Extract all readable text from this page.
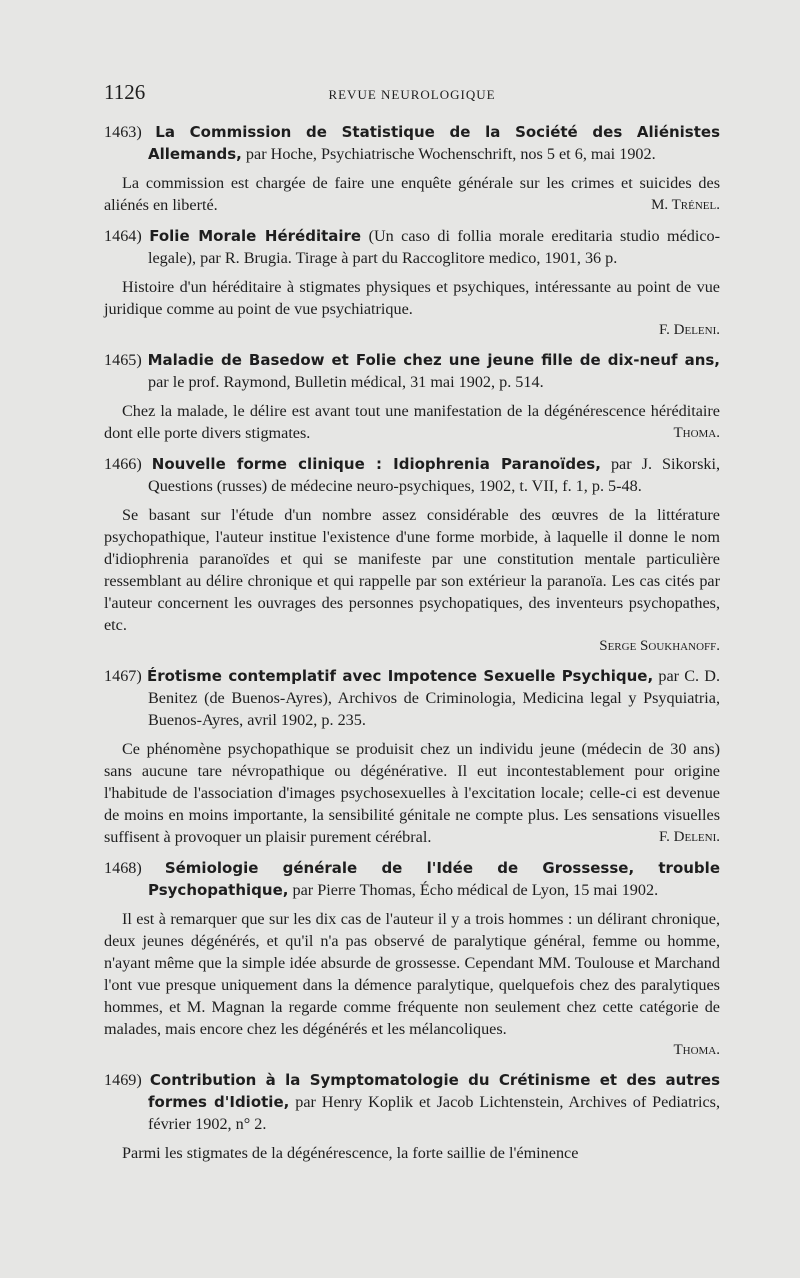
1126	REVUE NEUROLOGIQUE

1463) La Commission de Statistique de la Société des Aliénistes Allemands, par Hoche, Psychiatrische Wochenschrift, nos 5 et 6, mai 1902.

La commission est chargée de faire une enquête générale sur les crimes et suicides des aliénés en liberté.	M. Trénel.

1464) Folie Morale Héréditaire (Un caso di follia morale ereditaria studio médico-legale), par R. Brugia. Tirage à part du Raccoglitore medico, 1901, 36 p.

Histoire d'un héréditaire à stigmates physiques et psychiques, intéressante au point de vue juridique comme au point de vue psychiatrique.

F. Deleni.

1465) Maladie de Basedow et Folie chez une jeune fille de dix-neuf ans, par le prof. Raymond, Bulletin médical, 31 mai 1902, p. 514.

Chez la malade, le délire est avant tout une manifestation de la dégénérescence héréditaire dont elle porte divers stigmates.	Thoma.

1466) Nouvelle forme clinique : Idiophrenia Paranoïdes, par J. Sikorski, Questions (russes) de médecine neuro-psychiques, 1902, t. VII, f. 1, p. 5-48.

Se basant sur l'étude d'un nombre assez considérable des œuvres de la littérature psychopathique, l'auteur institue l'existence d'une forme morbide, à laquelle il donne le nom d'idiophrenia paranoïdes et qui se manifeste par une constitution mentale particulière ressemblant au délire chronique et qui rappelle par son extérieur la paranoïa. Les cas cités par l'auteur concernent les ouvrages des personnes psychopatiques, des inventeurs psychopathes, etc.

Serge Soukhanoff.

1467) Érotisme contemplatif avec Impotence Sexuelle Psychique, par C. D. Benitez (de Buenos-Ayres), Archivos de Criminologia, Medicina legal y Psyquiatria, Buenos-Ayres, avril 1902, p. 235.

Ce phénomène psychopathique se produisit chez un individu jeune (médecin de 30 ans) sans aucune tare névropathique ou dégénérative. Il eut incontestablement pour origine l'habitude de l'association d'images psychosexuelles à l'excitation locale; celle-ci est devenue de moins en moins importante, la sensibilité génitale ne compte plus. Les sensations visuelles suffisent à provoquer un plaisir purement cérébral.	F. Deleni.

1468) Sémiologie générale de l'Idée de Grossesse, trouble Psychopathique, par Pierre Thomas, Écho médical de Lyon, 15 mai 1902.

Il est à remarquer que sur les dix cas de l'auteur il y a trois hommes : un délirant chronique, deux jeunes dégénérés, et qu'il n'a pas observé de paralytique général, femme ou homme, n'ayant même que la simple idée absurde de grossesse. Cependant MM. Toulouse et Marchand l'ont vue presque uniquement dans la démence paralytique, quelquefois chez des paralytiques hommes, et M. Magnan la regarde comme fréquente non seulement chez cette catégorie de malades, mais encore chez les dégénérés et les mélancoliques.

Thoma.

1469) Contribution à la Symptomatologie du Crétinisme et des autres formes d'Idiotie, par Henry Koplik et Jacob Lichtenstein, Archives of Pediatrics, février 1902, n° 2.

Parmi les stigmates de la dégénérescence, la forte saillie de l'éminence
